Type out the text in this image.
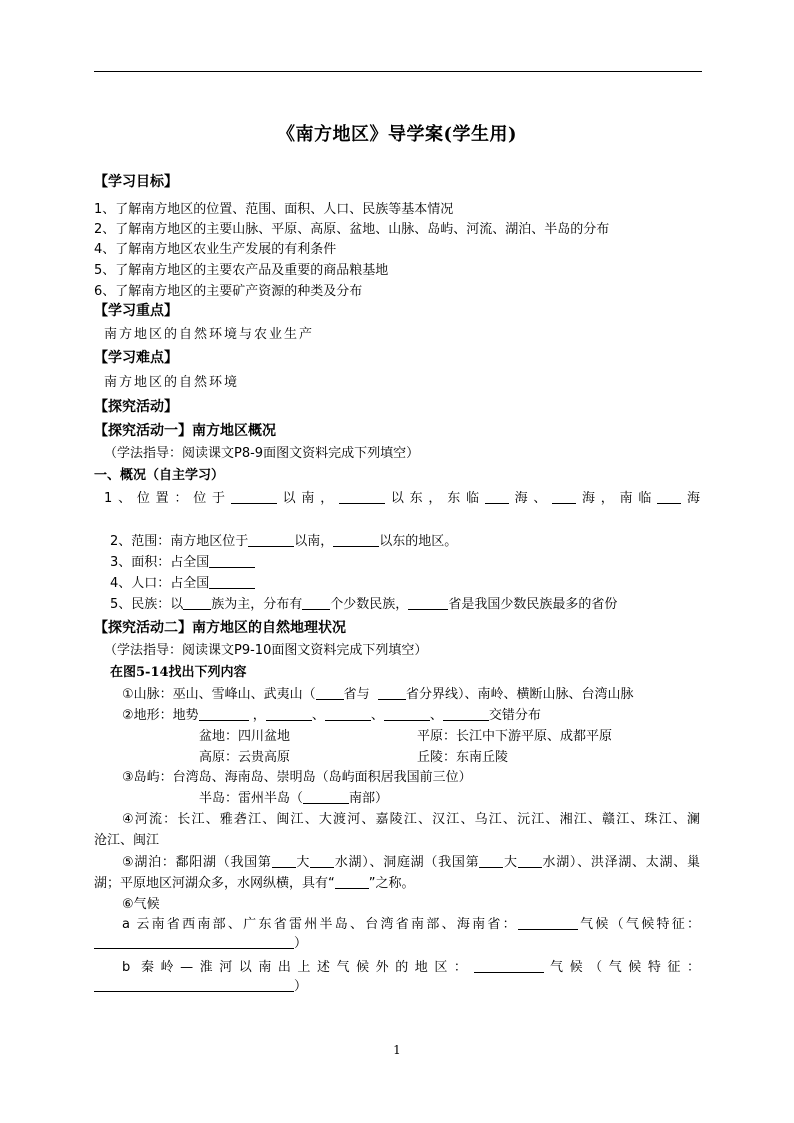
《南方地区》导学案(学生用)
【学习目标】
1、了解南方地区的位置、范围、面积、人口、民族等基本情况
2、了解南方地区的主要山脉、平原、高原、盆地、山脉、岛屿、河流、湖泊、半岛的分布
4、了解南方地区农业生产发展的有利条件
5、了解南方地区的主要农产品及重要的商品粮基地
6、了解南方地区的主要矿产资源的种类及分布
【学习重点】
南方地区的自然环境与农业生产
【学习难点】
南方地区的自然环境
【探究活动】
【探究活动一】南方地区概况
（学法指导：阅读课文P8-9面图文资料完成下列填空）
一、概况（自主学习）
1、位置：位于	以南，	以东，东临 海、 海，南临 海
2、范围：南方地区位于	以南，	以东的地区。
3、面积：占全国
4、人口：占全国
5、民族：以 族为主，分布有 个少数民族，	省是我国少数民族最多的省份
【探究活动二】南方地区的自然地理状况
（学法指导：阅读课文P9-10面图文资料完成下列填空）
在图5-14找出下列内容
①山脉：巫山、雪峰山、武夷山（ 省与	省分界线）、南岭、横断山脉、台湾山脉
②地形：地势	，	、	、	、	交错分布
盆地：四川盆地	平原：长江中下游平原、成都平原
高原：云贵高原	丘陵：东南丘陵
③岛屿：台湾岛、海南岛、崇明岛（岛屿面积居我国前三位）
半岛：雷州半岛（	南部）
④河流：长江、雅砻江、闽江、大渡河、嘉陵江、汉江、乌江、沅江、湘江、赣江、珠江、澜
沧江、闽江
⑤湖泊：鄱阳湖（我国第 大 水湖）、洞庭湖（我国第 大 水湖）、洪泽湖、太湖、巢
湖；平原地区河湖众多，水网纵横，具有“	”之称。
⑥气候
a 云南省西南部、广东省雷州半岛、台湾省南部、海南省：	气候（气候特征：
）
b 秦岭—淮河以南出上述气候外的地区：	气候（气候特征：
）
1
